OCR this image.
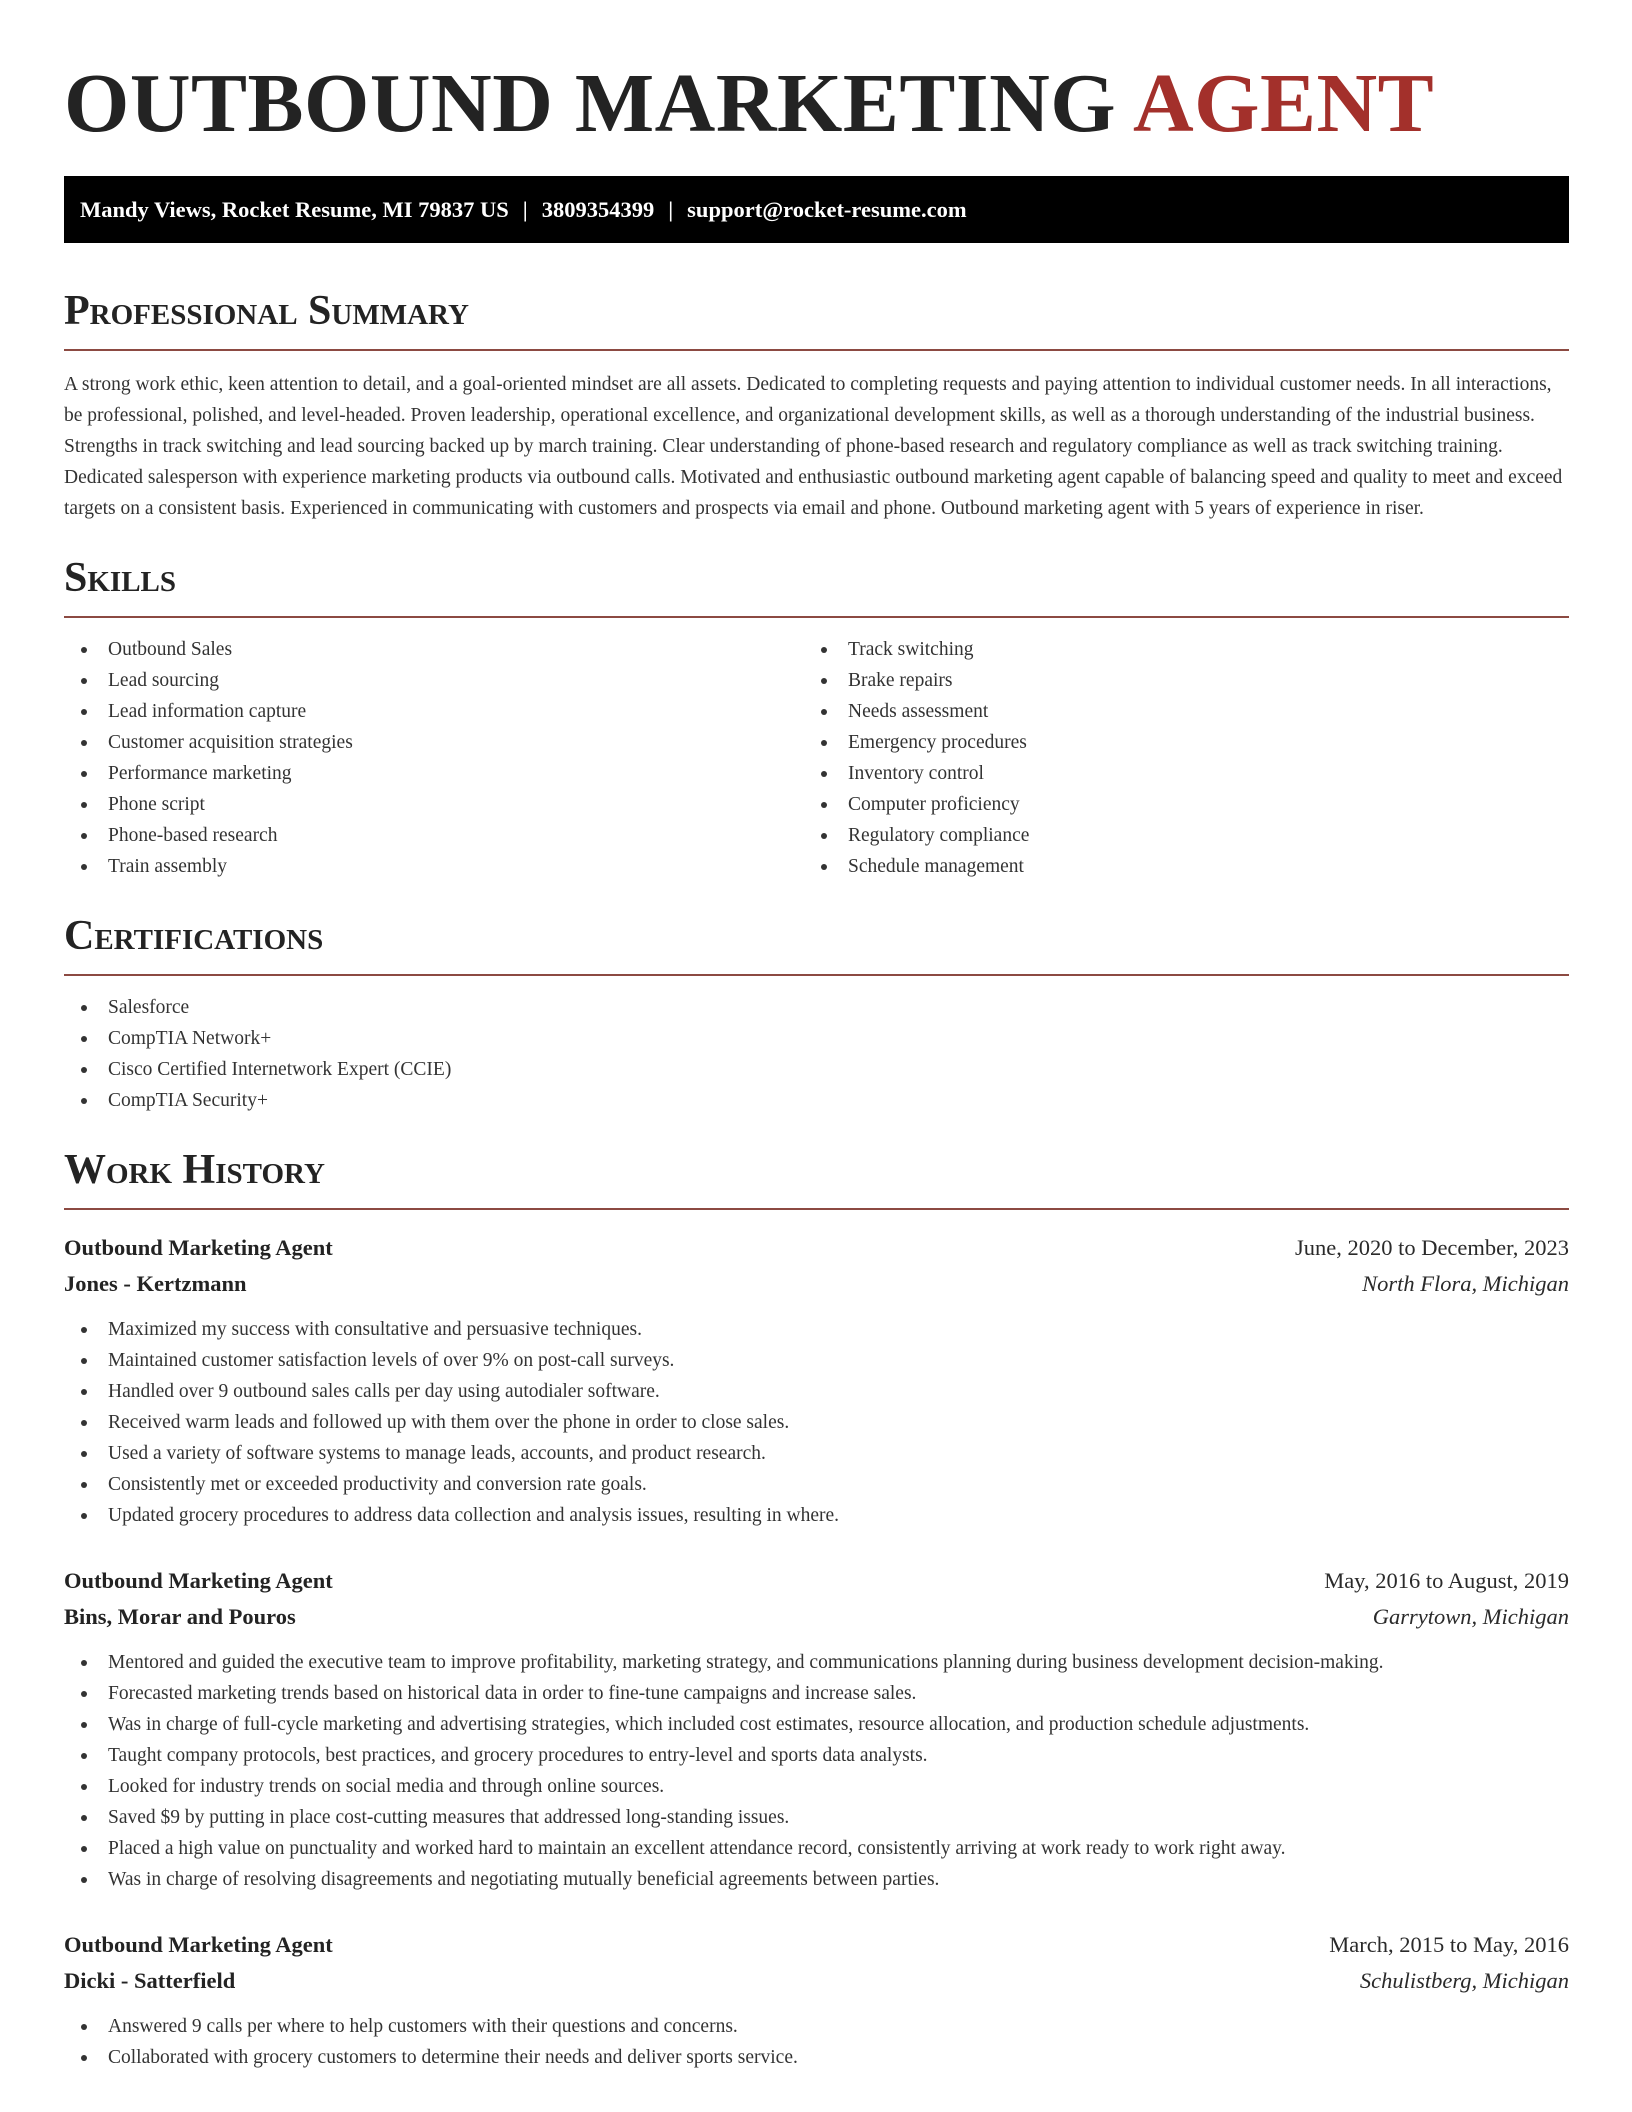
OUTBOUND MARKETING AGENT
Mandy Views, Rocket Resume, MI 79837 US | 3809354399 | support@rocket-resume.com
Professional Summary

A strong work ethic, keen attention to detail, and a goal-oriented mindset are all assets. Dedicated to completing requests and paying attention to individual customer needs. In all interactions, be professional, polished, and level-headed. Proven leadership, operational excellence, and organizational development skills, as well as a thorough understanding of the industrial business. Strengths in track switching and lead sourcing backed up by march training. Clear understanding of phone-based research and regulatory compliance as well as track switching training. Dedicated salesperson with experience marketing products via outbound calls. Motivated and enthusiastic outbound marketing agent capable of balancing speed and quality to meet and exceed targets on a consistent basis. Experienced in communicating with customers and prospects via email and phone. Outbound marketing agent with 5 years of experience in riser.

Skills
Outbound Sales
Lead sourcing
Lead information capture
Customer acquisition strategies
Performance marketing
Phone script
Phone-based research
Train assembly
Track switching
Brake repairs
Needs assessment
Emergency procedures
Inventory control
Computer proficiency
Regulatory compliance
Schedule management
Certifications
Salesforce
CompTIA Network+
Cisco Certified Internetwork Expert (CCIE)
CompTIA Security+
Work History
Outbound Marketing Agent	June, 2020 to December, 2023
Jones - Kertzmann	North Flora, Michigan
Maximized my success with consultative and persuasive techniques.
Maintained customer satisfaction levels of over 9% on post-call surveys.
Handled over 9 outbound sales calls per day using autodialer software.
Received warm leads and followed up with them over the phone in order to close sales.
Used a variety of software systems to manage leads, accounts, and product research.
Consistently met or exceeded productivity and conversion rate goals.
Updated grocery procedures to address data collection and analysis issues, resulting in where.
Outbound Marketing Agent	May, 2016 to August, 2019
Bins, Morar and Pouros	Garrytown, Michigan
Mentored and guided the executive team to improve profitability, marketing strategy, and communications planning during business development decision-making.
Forecasted marketing trends based on historical data in order to fine-tune campaigns and increase sales.
Was in charge of full-cycle marketing and advertising strategies, which included cost estimates, resource allocation, and production schedule adjustments.
Taught company protocols, best practices, and grocery procedures to entry-level and sports data analysts.
Looked for industry trends on social media and through online sources.
Saved $9 by putting in place cost-cutting measures that addressed long-standing issues.
Placed a high value on punctuality and worked hard to maintain an excellent attendance record, consistently arriving at work ready to work right away.
Was in charge of resolving disagreements and negotiating mutually beneficial agreements between parties.
Outbound Marketing Agent	March, 2015 to May, 2016
Dicki - Satterfield	Schulistberg, Michigan
Answered 9 calls per where to help customers with their questions and concerns.
Collaborated with grocery customers to determine their needs and deliver sports service.
